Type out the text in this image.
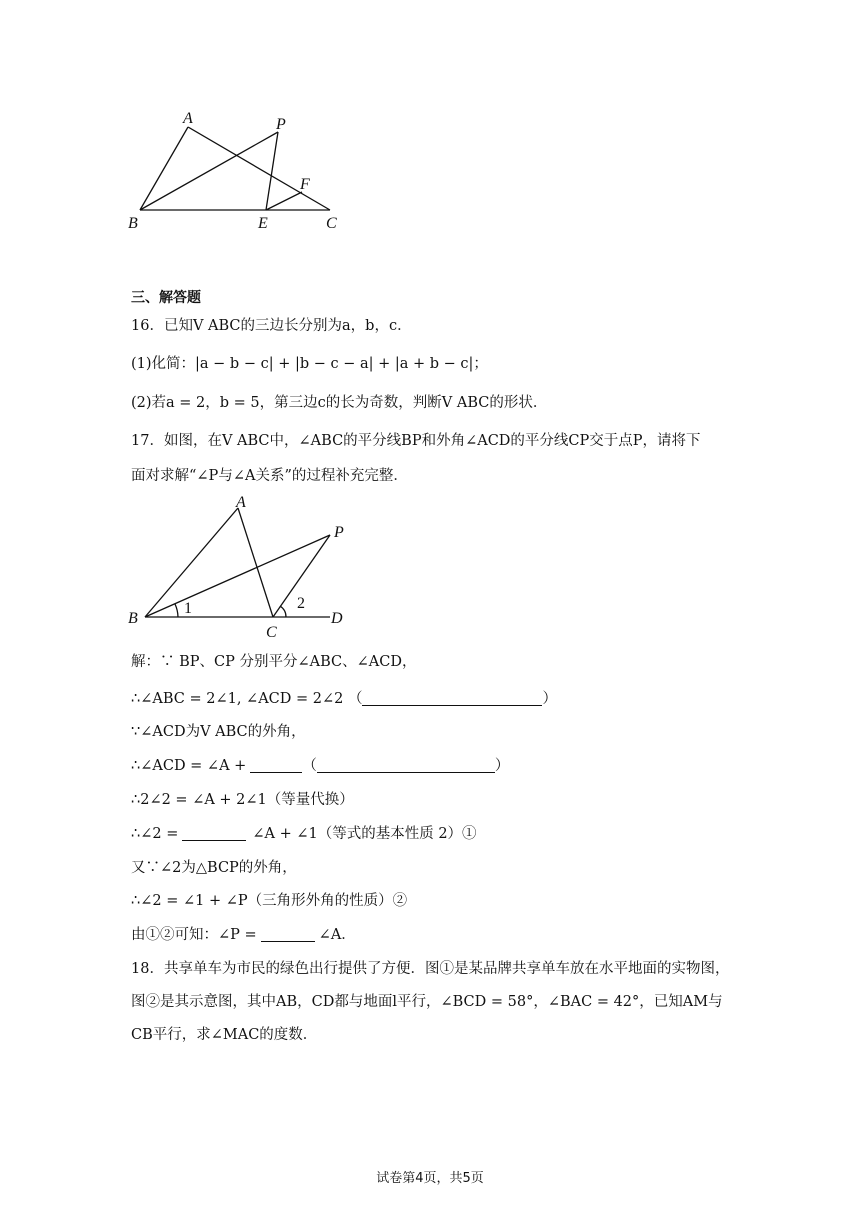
A	P
F
B	E	C
三、解答题
16．已知V ABC的三边长分别为a，b，c．
(1)化简：|a − b − c| + |b − c − a| + |a + b − c|；
(2)若a = 2，b = 5，第三边c的长为奇数，判断V ABC的形状．
17．如图，在V ABC中，∠ABC的平分线BP和外角∠ACD的平分线CP交于点P，请将下
面对求解“∠P与∠A关系”的过程补充完整．
A
P
B
C
D
1	2
解：∵ BP、CP 分别平分∠ABC、∠ACD，
∴∠ABC = 2∠1, ∠ACD = 2∠2 （	）
∵∠ACD为V ABC的外角，
∴∠ACD = ∠A +	（	）
∴2∠2 = ∠A + 2∠1（等量代换）
∴∠2 =	∠A + ∠1（等式的基本性质 2）①
又∵∠2为△BCP的外角，
∴∠2 = ∠1 + ∠P（三角形外角的性质）②
由①②可知：∠P =	∠A．
18．共享单车为市民的绿色出行提供了方便．图①是某品牌共享单车放在水平地面的实物图，
图②是其示意图，其中AB，CD都与地面l平行，∠BCD = 58°，∠BAC = 42°，已知AM与
CB平行，求∠MAC的度数．
试卷第4页，共5页
